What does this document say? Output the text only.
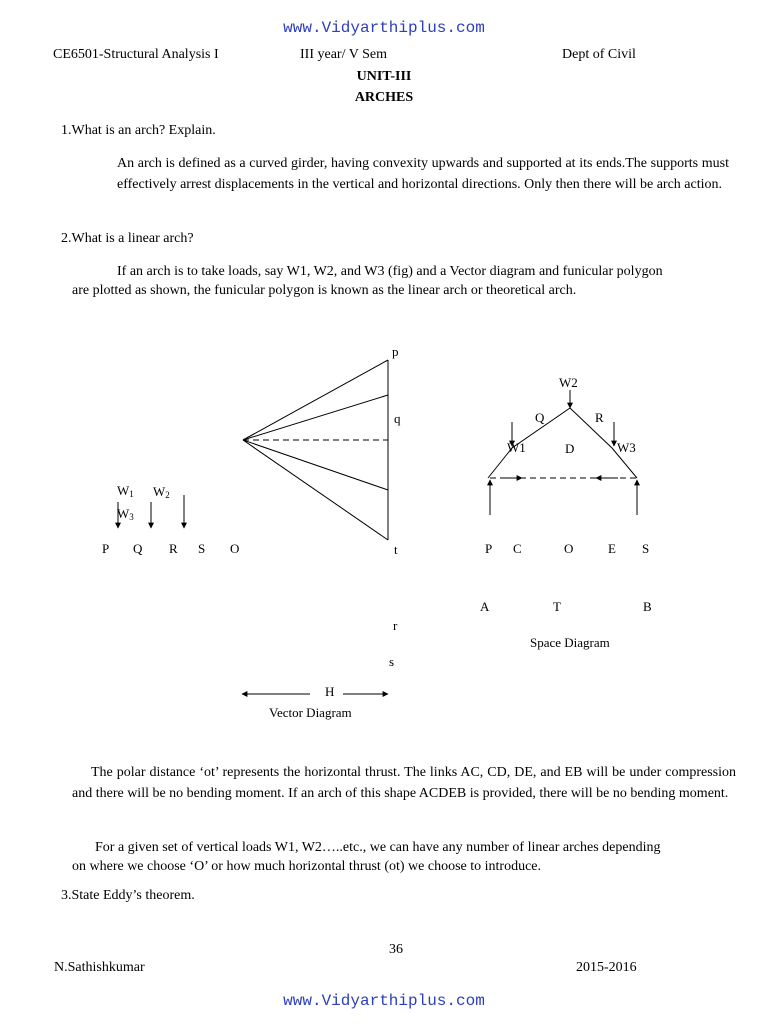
www.Vidyarthiplus.com
CE6501-Structural Analysis I	III year/ V Sem	Dept of Civil
UNIT-III
ARCHES
1.What is an arch? Explain.
An arch is defined as a curved girder, having convexity upwards and supported at its ends.The supports must effectively arrest displacements in the vertical and horizontal directions. Only then there will be arch action.
2.What is a linear arch?
If an arch is to take loads, say W1, W2, and W3 (fig) and a Vector diagram and funicular polygon
are plotted as shown, the funicular polygon is known as the linear arch or theoretical arch.
p
q
t
r
s
H
Vector Diagram
$W_1$ $W_2$
$W_3$
P Q R S O
W2
Q	R
W1	D	W3
P C	O	E S
A	T	B
Space Diagram
The polar distance ‘ot’ represents the horizontal thrust. The links AC, CD, DE, and EB will be under compression and there will be no bending moment. If an arch of this shape ACDEB is provided, there will be no bending moment.
For a given set of vertical loads W1, W2…..etc., we can have any number of linear arches depending
on where we choose ‘O’ or how much horizontal thrust (ot) we choose to introduce.
3.State Eddy’s theorem.
36
N.Sathishkumar	2015-2016
www.Vidyarthiplus.com
